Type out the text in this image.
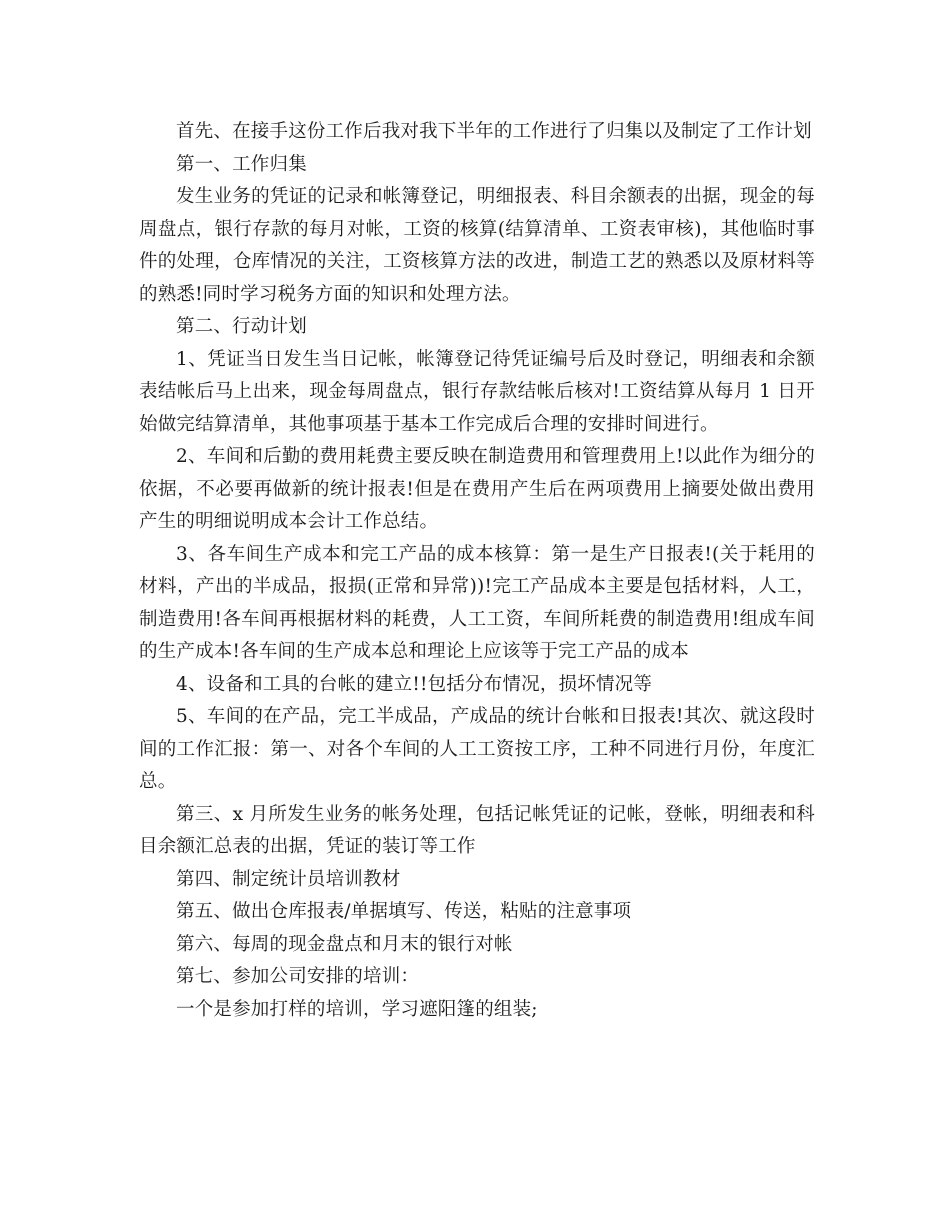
首先、在接手这份工作后我对我下半年的工作进行了归集以及制定了工作计划

第一、工作归集

发生业务的凭证的记录和帐簿登记，明细报表、科目余额表的出据，现金的每周盘点，银行存款的每月对帐，工资的核算(结算清单、工资表审核)，其他临时事件的处理，仓库情况的关注，工资核算方法的改进，制造工艺的熟悉以及原材料等的熟悉!同时学习税务方面的知识和处理方法。

第二、行动计划

1、凭证当日发生当日记帐，帐簿登记待凭证编号后及时登记，明细表和余额表结帐后马上出来，现金每周盘点，银行存款结帐后核对!工资结算从每月 1 日开始做完结算清单，其他事项基于基本工作完成后合理的安排时间进行。

2、车间和后勤的费用耗费主要反映在制造费用和管理费用上!以此作为细分的依据，不必要再做新的统计报表!但是在费用产生后在两项费用上摘要处做出费用产生的明细说明成本会计工作总结。

3、各车间生产成本和完工产品的成本核算：第一是生产日报表!(关于耗用的材料，产出的半成品，报损(正常和异常))!完工产品成本主要是包括材料，人工，制造费用!各车间再根据材料的耗费，人工工资，车间所耗费的制造费用!组成车间的生产成本!各车间的生产成本总和理论上应该等于完工产品的成本

4、设备和工具的台帐的建立!!包括分布情况，损坏情况等

5、车间的在产品，完工半成品，产成品的统计台帐和日报表!其次、就这段时间的工作汇报：第一、对各个车间的人工工资按工序，工种不同进行月份，年度汇总。

第三、x 月所发生业务的帐务处理，包括记帐凭证的记帐，登帐，明细表和科目余额汇总表的出据，凭证的装订等工作

第四、制定统计员培训教材

第五、做出仓库报表/单据填写、传送，粘贴的注意事项

第六、每周的现金盘点和月末的银行对帐

第七、参加公司安排的培训：

一个是参加打样的培训，学习遮阳篷的组装;
